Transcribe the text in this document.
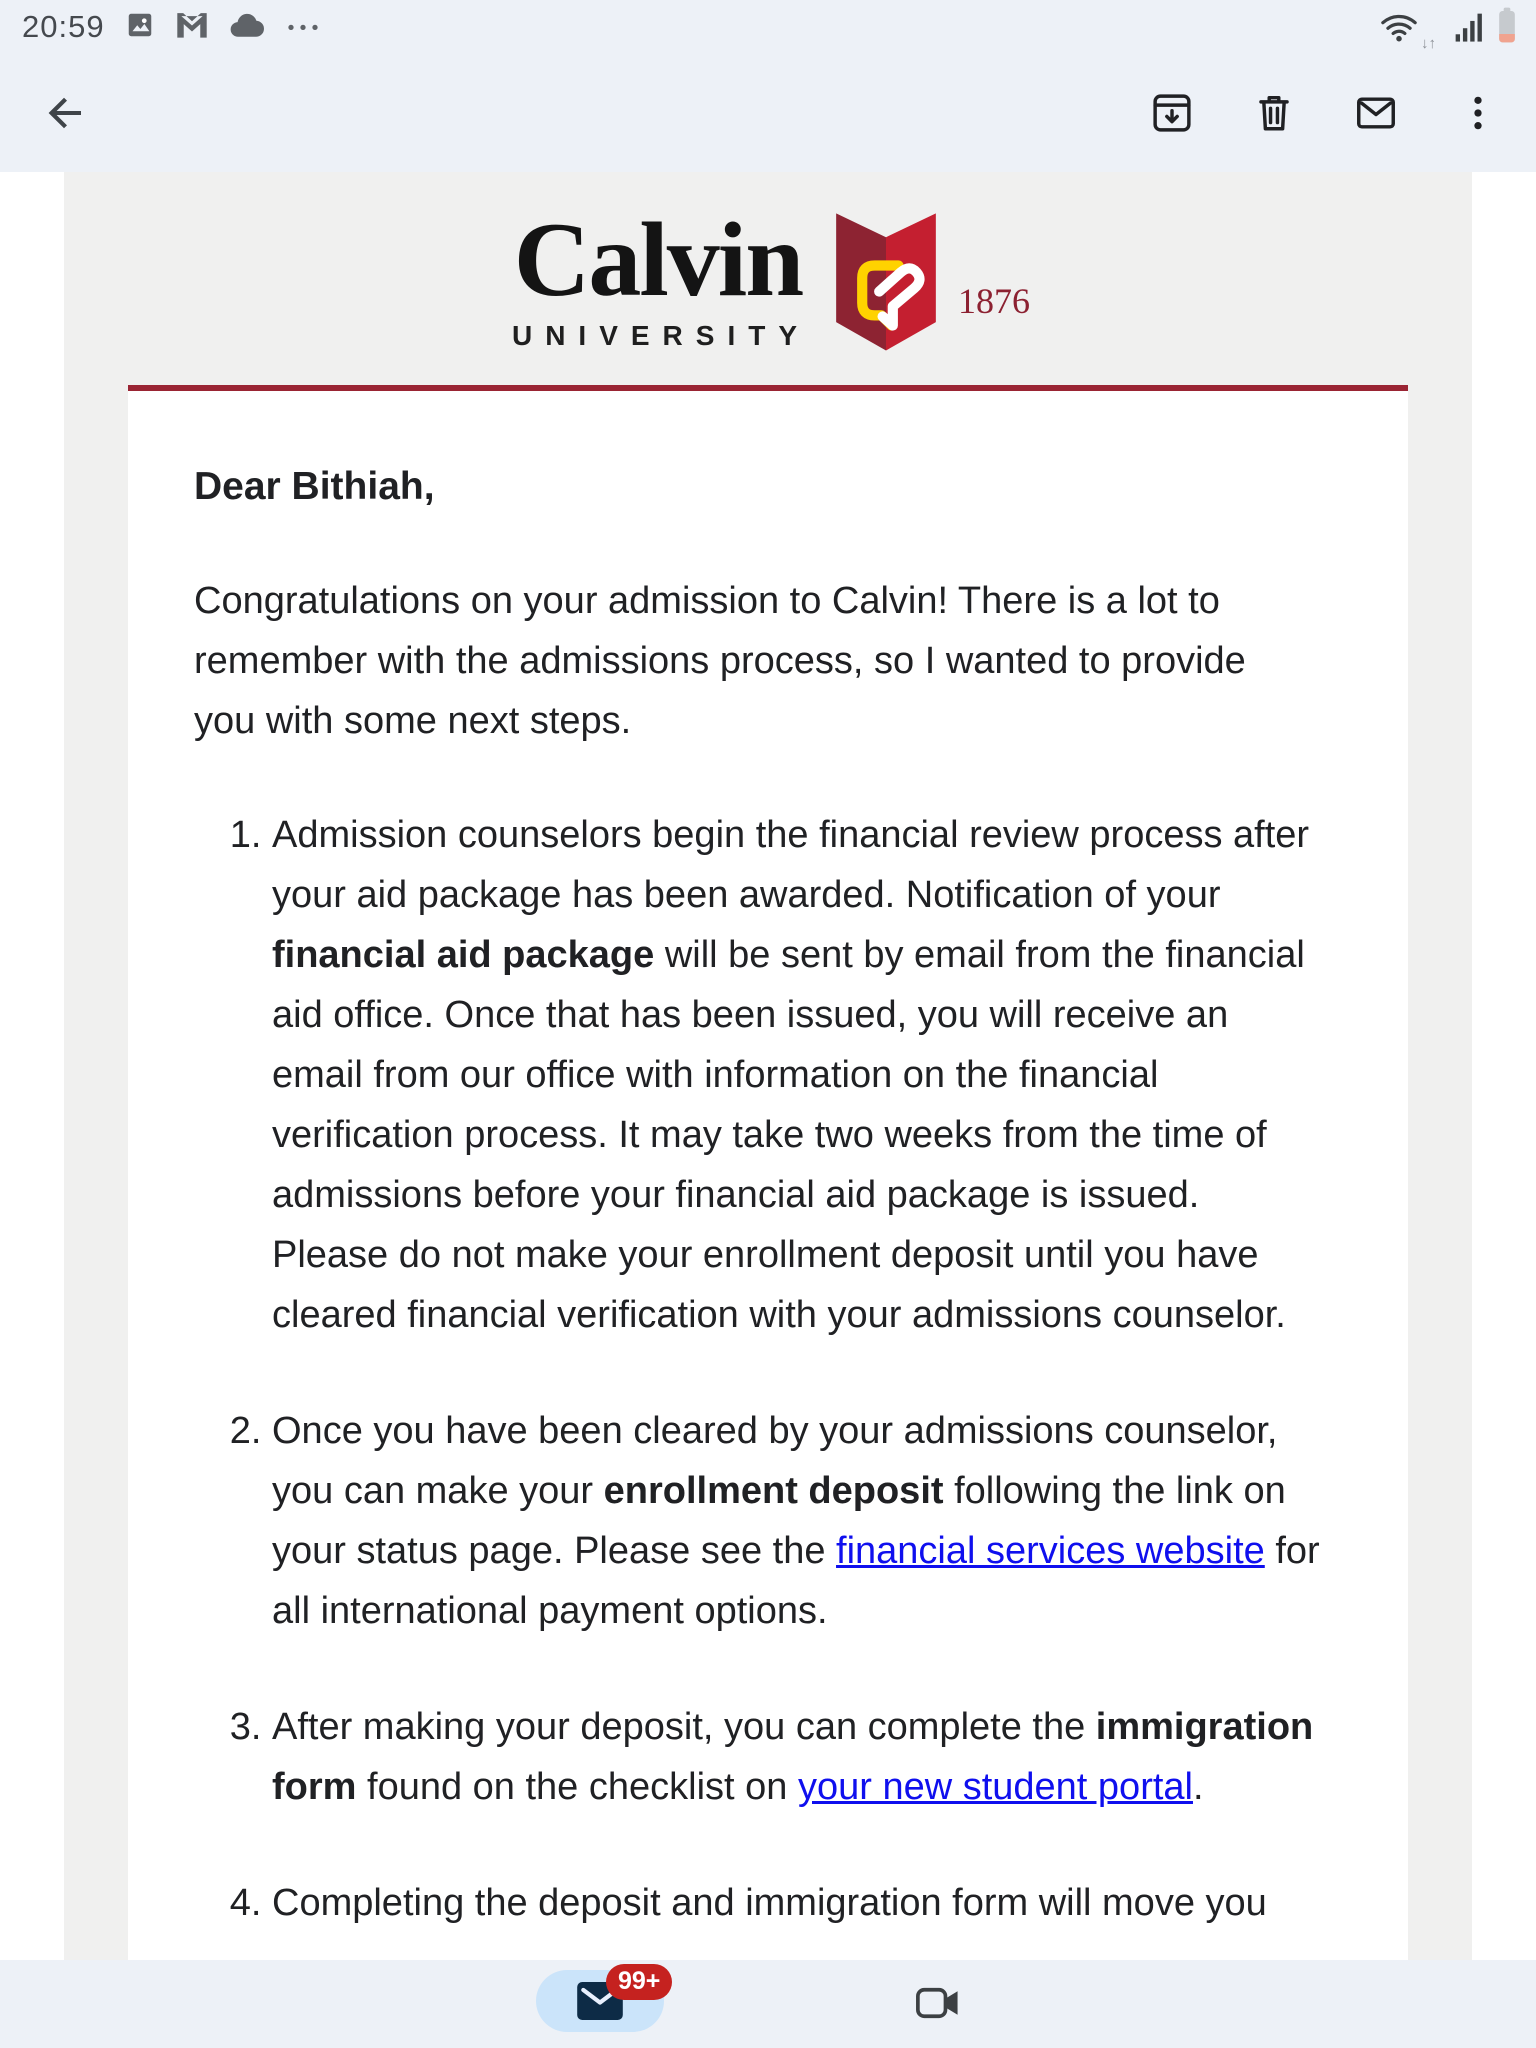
20:59	↓↑
Calvin
UNIVERSITY
1876

Dear Bithiah,

Congratulations on your admission to Calvin! There is a lot to remember with the admissions process, so I wanted to provide you with some next steps.

1. Admission counselors begin the financial review process after your aid package has been awarded. Notification of your financial aid package will be sent by email from the financial aid office. Once that has been issued, you will receive an email from our office with information on the financial verification process. It may take two weeks from the time of admissions before your financial aid package is issued. Please do not make your enrollment deposit until you have cleared financial verification with your admissions counselor.
2. Once you have been cleared by your admissions counselor, you can make your enrollment deposit following the link on your status page. Please see the financial services website for all international payment options.
3. After making your deposit, you can complete the immigration form found on the checklist on your new student portal.
4. Completing the deposit and immigration form will move you
99+
